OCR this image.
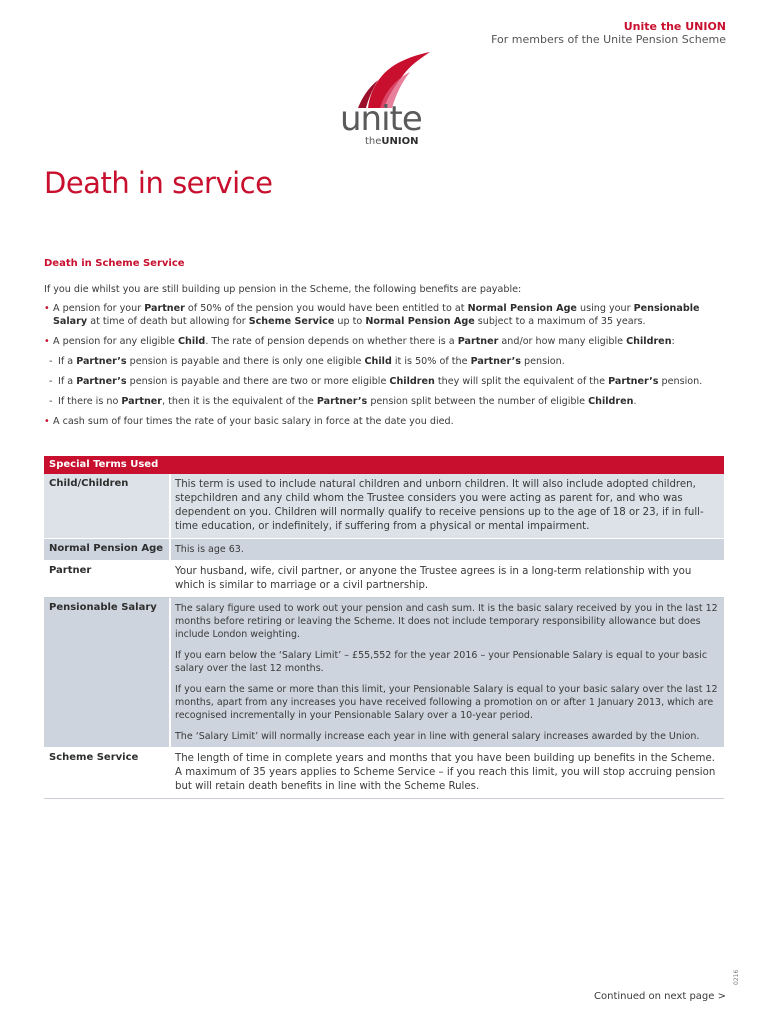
Unite the UNION
For members of the Unite Pension Scheme
unite
theUNION
Death in service
Death in Scheme Service

If you die whilst you are still building up pension in the Scheme, the following benefits are payable:

• A pension for your Partner of 50% of the pension you would have been entitled to at Normal Pension Age using your Pensionable Salary at time of death but allowing for Scheme Service up to Normal Pension Age subject to a maximum of 35 years.
• A pension for any eligible Child. The rate of pension depends on whether there is a Partner and/or how many eligible Children:
- If a Partner’s pension is payable and there is only one eligible Child it is 50% of the Partner’s pension.
- If a Partner’s pension is payable and there are two or more eligible Children they will split the equivalent of the Partner’s pension.
- If there is no Partner, then it is the equivalent of the Partner’s pension split between the number of eligible Children.
• A cash sum of four times the rate of your basic salary in force at the date you died.
Special Terms Used
Child/Children	This term is used to include natural children and unborn children. It will also include adopted children, stepchildren and any child whom the Trustee considers you were acting as parent for, and who was dependent on you. Children will normally qualify to receive pensions up to the age of 18 or 23, if in full-time education, or indefinitely, if suffering from a physical or mental impairment.

Normal Pension Age	This is age 63.

Partner	Your husband, wife, civil partner, or anyone the Trustee agrees is in a long-term relationship with you which is similar to marriage or a civil partnership.

Pensionable Salary	The salary figure used to work out your pension and cash sum. It is the basic salary received by you in the last 12 months before retiring or leaving the Scheme. It does not include temporary responsibility allowance but does include London weighting.

If you earn below the ‘Salary Limit’ – £55,552 for the year 2016 – your Pensionable Salary is equal to your basic salary over the last 12 months.

If you earn the same or more than this limit, your Pensionable Salary is equal to your basic salary over the last 12 months, apart from any increases you have received following a promotion on or after 1 January 2013, which are recognised incrementally in your Pensionable Salary over a 10-year period.

The ‘Salary Limit’ will normally increase each year in line with general salary increases awarded by the Union.

Scheme Service	The length of time in complete years and months that you have been building up benefits in the Scheme. A maximum of 35 years applies to Scheme Service – if you reach this limit, you will stop accruing pension but will retain death benefits in line with the Scheme Rules.

0216
Continued on next page >
